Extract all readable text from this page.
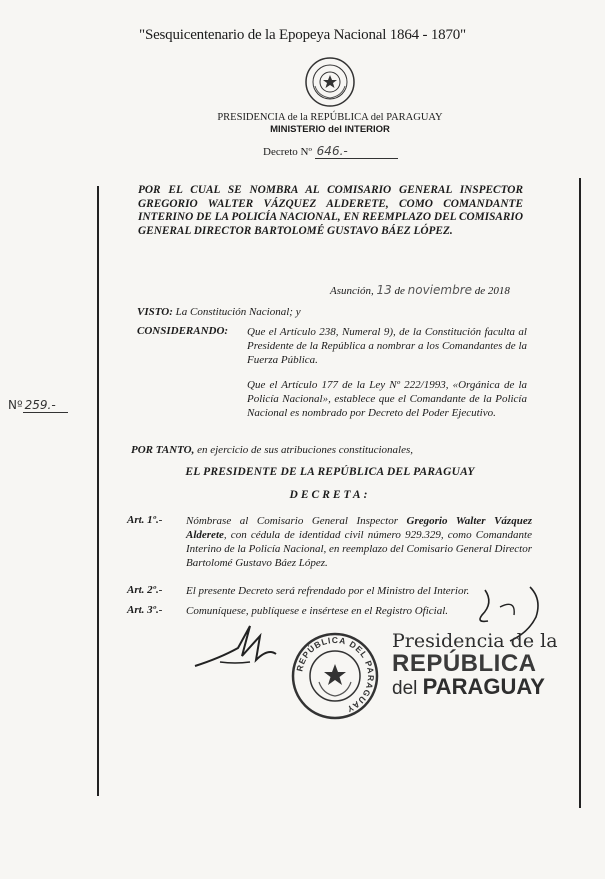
"Sesquicentenario de la Epopeya Nacional 1864 - 1870"
PRESIDENCIA de la REPÚBLICA del PARAGUAY
MINISTERIO del INTERIOR
Decreto Nº 646.-
Nº 259.-
POR EL CUAL SE NOMBRA AL COMISARIO GENERAL INSPECTOR GREGORIO WALTER VÁZQUEZ ALDERETE, COMO COMANDANTE INTERINO DE LA POLICÍA NACIONAL, EN REEMPLAZO DEL COMISARIO GENERAL DIRECTOR BARTOLOMÉ GUSTAVO BÁEZ LÓPEZ.
Asunción, 13 de noviembre de 2018
VISTO: La Constitución Nacional; y
CONSIDERANDO: Que el Artículo 238, Numeral 9), de la Constitución faculta al Presidente de la República a nombrar a los Comandantes de la Fuerza Pública.
Que el Artículo 177 de la Ley Nº 222/1993, «Orgánica de la Policía Nacional», establece que el Comandante de la Policía Nacional es nombrado por Decreto del Poder Ejecutivo.
POR TANTO, en ejercicio de sus atribuciones constitucionales,
EL PRESIDENTE DE LA REPÚBLICA DEL PARAGUAY
DECRETA:
Art. 1º.- Nómbrase al Comisario General Inspector Gregorio Walter Vázquez Alderete, con cédula de identidad civil número 929.329, como Comandante Interino de la Policía Nacional, en reemplazo del Comisario General Director Bartolomé Gustavo Báez López.
Art. 2º.- El presente Decreto será refrendado por el Ministro del Interior.
Art. 3º.- Comuníquese, publíquese e insértese en el Registro Oficial.
REPÚBLICA DEL PARAGUAY
Presidencia de la
REPÚBLICA
del PARAGUAY
